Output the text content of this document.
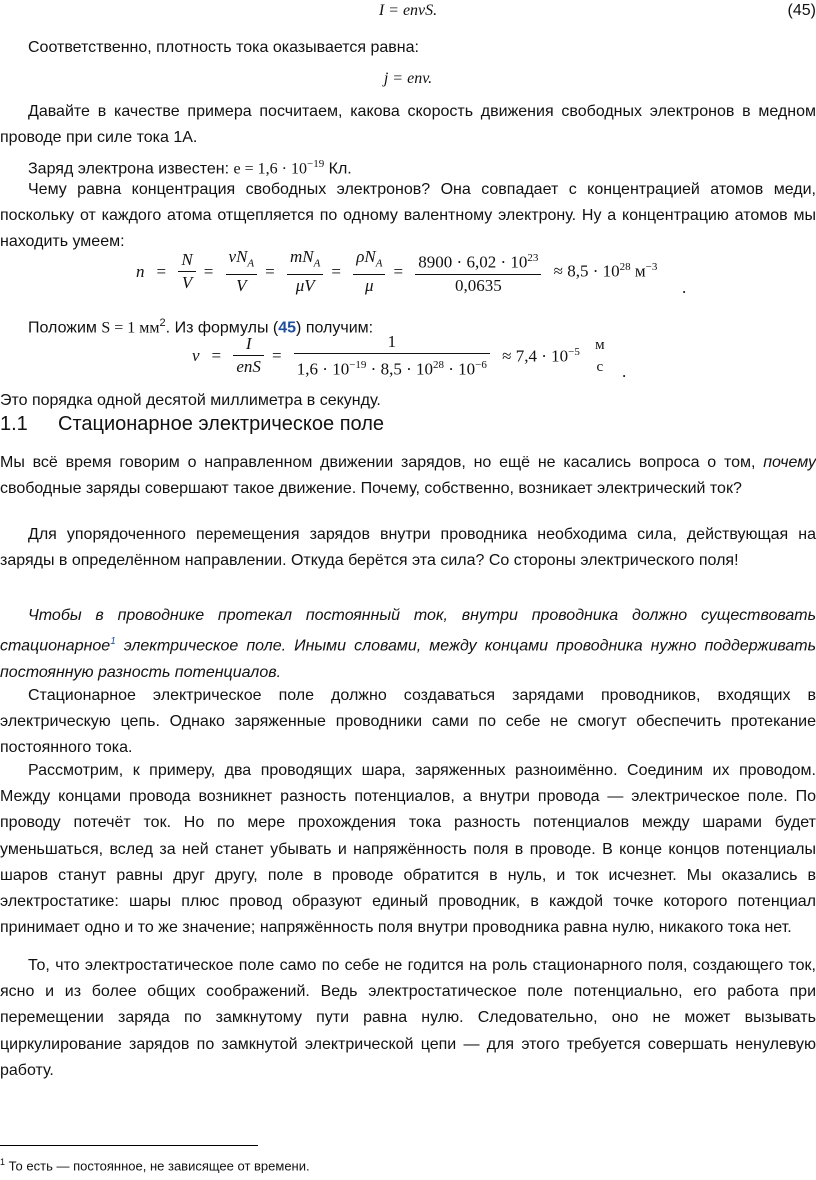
I = envS.	(45)

Соответственно, плотность тока оказывается равна:

j = env.

Давайте в качестве примера посчитаем, какова скорость движения свободных электронов в медном проводе при силе тока 1А.

Заряд электрона известен: $e = 1,6 \cdot 10^{-19}$ Кл.

Чему равна концентрация свободных электронов? Она совпадает с концентрацией атомов меди, поскольку от каждого атома отщепляется по одному валентному электрону. Ну а концентрацию атомов мы находить умеем:

$n = \frac{N}{V} = \frac{\nu N_A}{V} = \frac{mN_A}{\mu V} = \frac{\rho N_A}{\mu} = \frac{8900 \cdot 6,02 \cdot 10^{23}}{0,0635} \approx 8,5 \cdot 10^{28}$ $м^{-3}$
.

Положим S = 1 $мм^2$. Из формулы (45) получим:

$v = \frac{I}{\text{enS}} = \frac{1}{1,6 \cdot 10^{-19} \cdot 8,5 \cdot 10^{28} \cdot 10^{-6}} \approx 7,4 \cdot 10^{-5}$ м
с .

Это порядка одной десятой миллиметра в секунду.

1.1 Стационарное электрическое поле

Мы всё время говорим о направленном движении зарядов, но ещё не касались вопроса о том, почему свободные заряды совершают такое движение. Почему, собственно, возникает электрический ток?

Для упорядоченного перемещения зарядов внутри проводника необходима сила, действующая на заряды в определённом направлении. Откуда берётся эта сила? Со стороны электрического поля!

Чтобы в проводнике протекал постоянный ток, внутри проводника должно существовать стационарное$^1$ электрическое поле. Иными словами, между концами проводника нужно поддерживать постоянную разность потенциалов.

Стационарное электрическое поле должно создаваться зарядами проводников, входящих в электрическую цепь. Однако заряженные проводники сами по себе не смогут обеспечить протекание постоянного тока.

Рассмотрим, к примеру, два проводящих шара, заряженных разноимённо. Соединим их проводом. Между концами провода возникнет разность потенциалов, а внутри провода — электрическое поле. По проводу потечёт ток. Но по мере прохождения тока разность потенциалов между шарами будет уменьшаться, вслед за ней станет убывать и напряжённость поля в проводе. В конце концов потенциалы шаров станут равны друг другу, поле в проводе обратится в нуль, и ток исчезнет. Мы оказались в электростатике: шары плюс провод образуют единый проводник, в каждой точке которого потенциал принимает одно и то же значение; напряжённость поля внутри проводника равна нулю, никакого тока нет.

То, что электростатическое поле само по себе не годится на роль стационарного поля, создающего ток, ясно и из более общих соображений. Ведь электростатическое поле потенциально, его работа при перемещении заряда по замкнутому пути равна нулю. Следовательно, оно не может вызывать циркулирование зарядов по замкнутой электрической цепи — для этого требуется совершать ненулевую работу.

$^1$ То есть — постоянное, не зависящее от времени.
